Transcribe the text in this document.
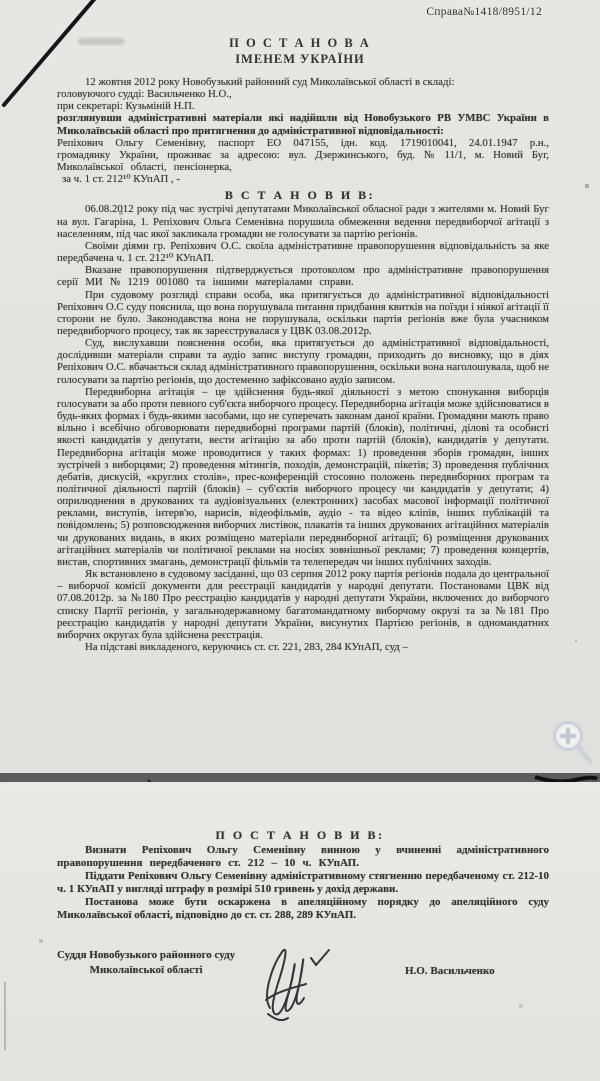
Справа№1418/8951/12
П О С Т А Н О В А
ІМЕНЕМ УКРАЇНИ

12 жовтня 2012 року Новобузький районний суд Миколаївської області в складі:

головуючого судді: Васильченко Н.О.,

при секретарі: Кузьміній Н.П.

розглянувши адміністративні матеріали які надійшли від Новобузького РВ УМВС України в Миколаївській області про притягнення до адміністративної відповідальності:

Репіхович Ольгу Семенівну, паспорт ЕО 047155, ідн. код. 1719010041, 24.01.1947 р.н., громадянку України, проживає за адресою: вул. Дзержинського, буд. № 11/1, м. Новий Буг, Миколаївської області, пенсіонерка,

за ч. 1 ст. 212¹⁰ КУпАП , -

В С Т А Н О В И В:

06.08.2012 року під час зустрічі депутатами Миколаївської обласної ради з жителями м. Новий Буг на вул. Гагаріна, 1. Репіхович Ольга Семенівна порушила обмеження ведення передвиборчої агітації з населенням, під час якої закликала громадян не голосувати за партію регіонів.

Своїми діями гр. Репіхович О.С. скоїла адміністративне правопорушення відповідальність за яке передбачена ч. 1 ст. 212¹⁰ КУпАП.

Вказане правопорушення підтверджується протоколом про адміністративне правопорушення серії МИ № 1219 001080 та іншими матеріалами справи.

При судовому розгляді справи особа, яка притягується до адміністративної відповідальності Репіхович О.С суду пояснила, що вона порушувала питання придбання квитків на поїзди і ніякої агітації її сторони не було. Законодавства вона не порушувала, оскільки партія регіонів вже була учасником передвиборчого процесу, так як зареєструвалася у ЦВК 03.08.2012р.

Суд, вислухавши пояснення особи, яка притягується до адміністративної відповідальності, дослідивши матеріали справи та аудіо запис виступу громадян, приходить до висновку, що в діях Репіхович О.С. вбачається склад адміністративного правопорушення, оскільки вона наголошувала, щоб не голосувати за партію регіонів, що достеменно зафіксовано аудіо записом.

Передвиборна агітація – це здійснення будь-якої діяльності з метою спонукання виборців голосувати за або проти певного суб'єкта виборчого процесу. Передвиборна агітація може здійснюватися в будь-яких формах і будь-якими засобами, що не суперечать законам даної країни. Громадяни мають право вільно і всебічно обговорювати передвиборні програми партій (блоків), політичні, ділові та особисті якості кандидатів у депутати, вести агітацію за або проти партій (блоків), кандидатів у депутати. Передвиборна агітація може проводитися у таких формах: 1) проведення зборів громадян, інших зустрічей з виборцями; 2) проведення мітингів, походів, демонстрацій, пікетів; 3) проведення публічних дебатів, дискусій, «круглих столів», прес-конференцій стосовно положень передвиборних програм та політичної діяльності партій (блоків) – суб'єктів виборчого процесу чи кандидатів у депутати; 4) оприлюднення в друкованих та аудіовізуальних (електронних) засобах масової інформації політичної реклами, виступів, інтерв'ю, нарисів, відеофільмів, аудіо - та відео кліпів, інших публікацій та повідомлень; 5) розповсюдження виборчих листівок, плакатів та інших друкованих агітаційних матеріалів чи друкованих видань, в яких розміщено матеріали передвиборної агітації; 6) розміщення друкованих агітаційних матеріалів чи політичної реклами на носіях зовнішньої реклами; 7) проведення концертів, вистав, спортивних змагань, демонстрації фільмів та телепередач чи інших публічних заходів.

Як встановлено в судовому засіданні, що 03 серпня 2012 року партія регіонів подала до центральної – виборчої комісії документи для реєстрації кандидатів у народні депутати. Постановами ЦВК від 07.08.2012р. за №180 Про реєстрацію кандидатів у народні депутати України, включених до виборчого списку Партії регіонів, у загальнодержавному багатомандатному виборчому окрузі та за №181 Про реєстрацію кандидатів у народні депутати України, висунутих Партією регіонів, в одномандатних виборчих округах була здійснена реєстрація.

На підставі викладеного, керуючись ст. ст. 221, 283, 284 КУпАП, суд –

П О С Т А Н О В И В:

Визнати Репіхович Ольгу Семенівну винною у вчиненні адміністративного правопорушення передбаченого ст. 212 – 10 ч. КУпАП.

Піддати Репіхович Ольгу Семенівну адміністративному стягненню передбаченому ст. 212-10 ч. 1 КУпАП у вигляді штрафу в розмірі 510 гривень у дохід держави.

Постанова може бути оскаржена в апеляційному порядку до апеляційного суду Миколаївської області, відповідно до ст. ст. 288, 289 КУпАП.

Суддя Новобузького районного суду
Миколаївської області	Н.О. Васильченко
